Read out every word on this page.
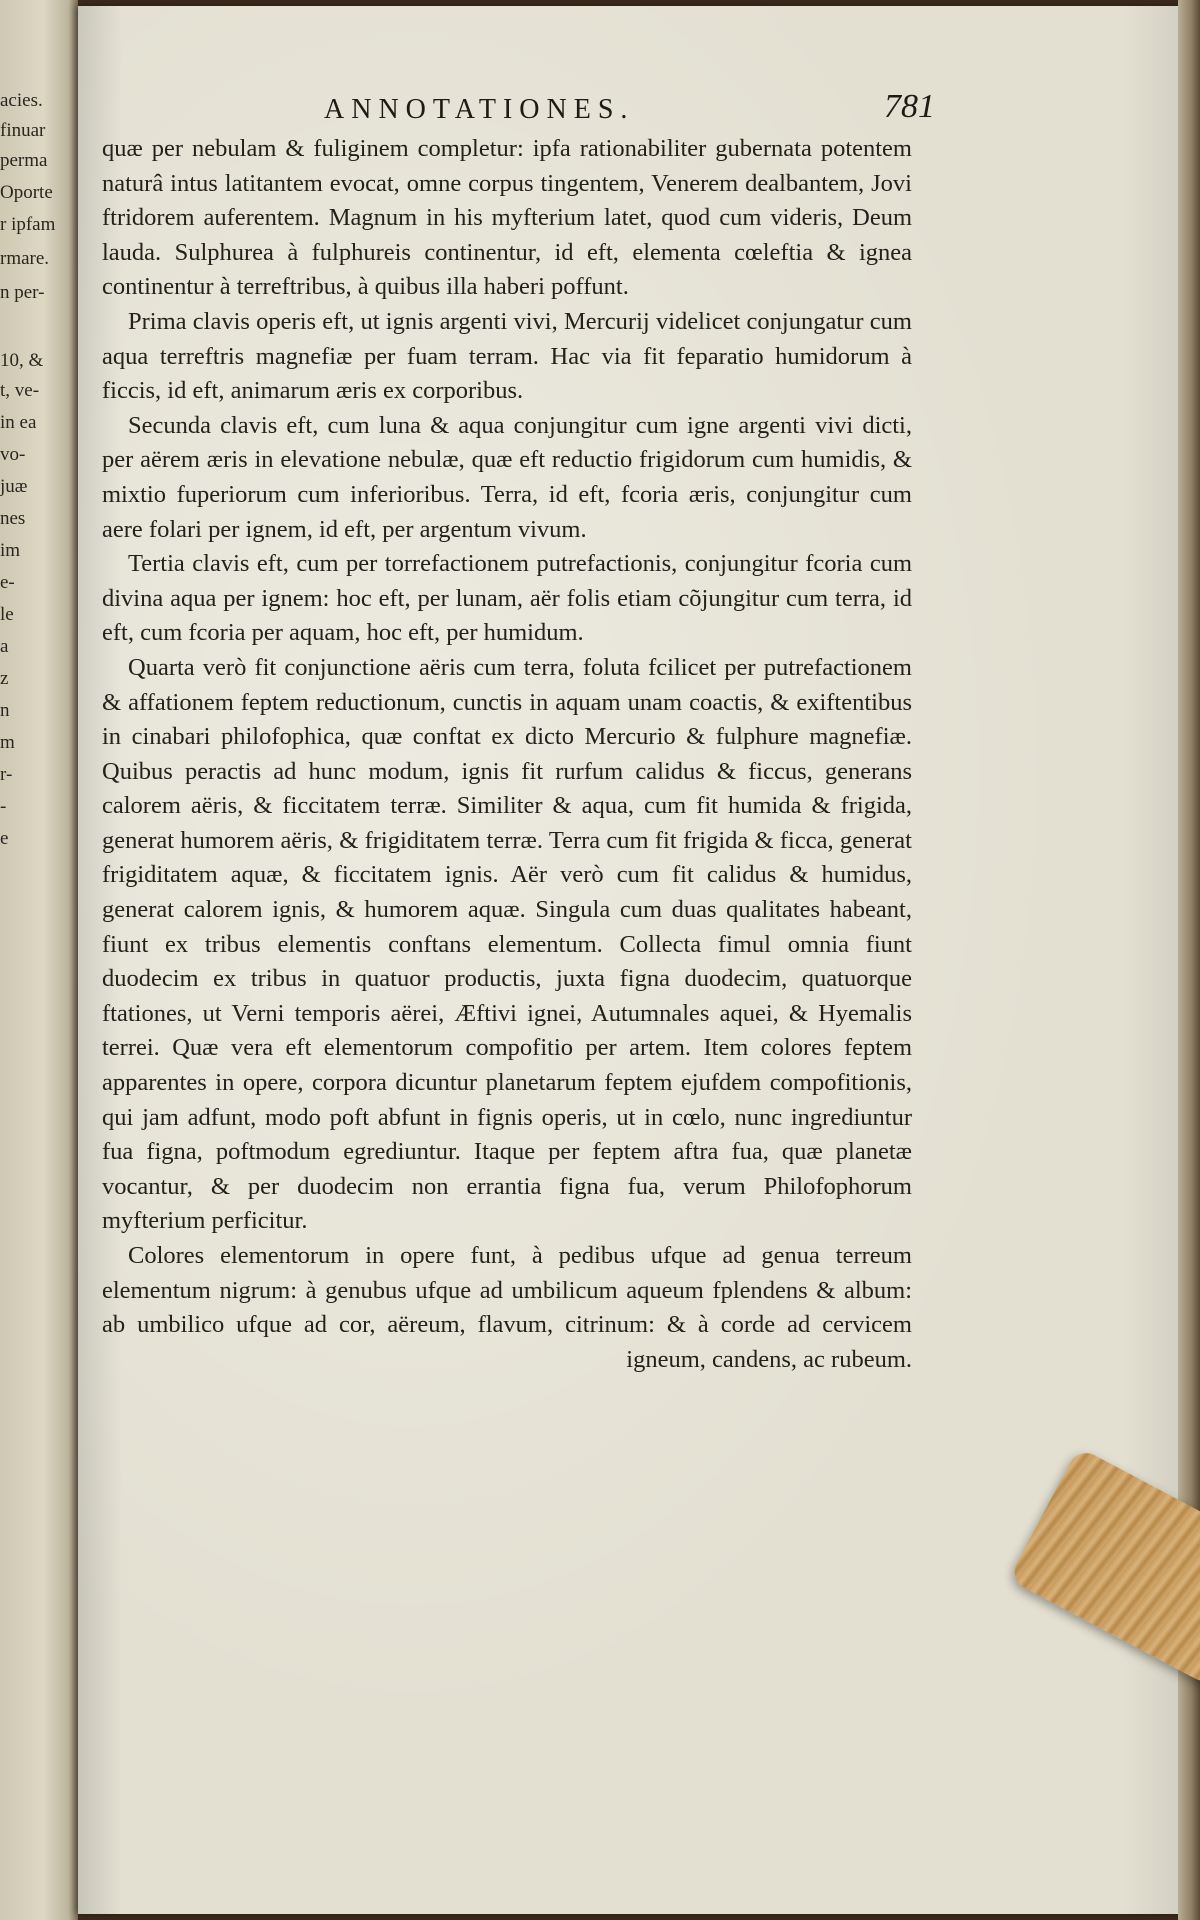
acies.
finuar
perma
Oporte
r ipfam
rmare.
n per-
10, &
t, ve-
in ea
vo-
juæ
nes
im
e-
le
a
z
n
m
r-
-
e
ANNOTATIONES.	781

quæ per nebulam & fuliginem completur: ipfa rationabiliter gubernata potentem naturâ intus latitantem evocat, omne corpus tingentem, Venerem dealbantem, Jovi ftridorem auferentem. Magnum in his myfterium latet, quod cum videris, Deum lauda. Sulphurea à fulphureis continentur, id eft, elementa cœleftia & ignea continentur à terreftribus, à quibus illa haberi poffunt.

Prima clavis operis eft, ut ignis argenti vivi, Mercurij videlicet conjungatur cum aqua terreftris magnefiæ per fuam terram. Hac via fit feparatio humidorum à ficcis, id eft, animarum æris ex corporibus.

Secunda clavis eft, cum luna & aqua conjungitur cum igne argenti vivi dicti, per aërem æris in elevatione nebulæ, quæ eft reductio frigidorum cum humidis, & mixtio fuperiorum cum inferioribus. Terra, id eft, fcoria æris, conjungitur cum aere folari per ignem, id eft, per argentum vivum.

Tertia clavis eft, cum per torrefactionem putrefactionis, conjungitur fcoria cum divina aqua per ignem: hoc eft, per lunam, aër folis etiam cõjungitur cum terra, id eft, cum fcoria per aquam, hoc eft, per humidum.

Quarta verò fit conjunctione aëris cum terra, foluta fcilicet per putrefactionem & affationem feptem reductionum, cunctis in aquam unam coactis, & exiftentibus in cinabari philofophica, quæ conftat ex dicto Mercurio & fulphure magnefiæ. Quibus peractis ad hunc modum, ignis fit rurfum calidus & ficcus, generans calorem aëris, & ficcitatem terræ. Similiter & aqua, cum fit humida & frigida, generat humorem aëris, & frigiditatem terræ. Terra cum fit frigida & ficca, generat frigiditatem aquæ, & ficcitatem ignis. Aër verò cum fit calidus & humidus, generat calorem ignis, & humorem aquæ. Singula cum duas qualitates habeant, fiunt ex tribus elementis conftans elementum. Collecta fimul omnia fiunt duodecim ex tribus in quatuor productis, juxta figna duodecim, quatuorque ftationes, ut Verni temporis aërei, Æftivi ignei, Autumnales aquei, & Hyemalis terrei. Quæ vera eft elementorum compofitio per artem. Item colores feptem apparentes in opere, corpora dicuntur planetarum feptem ejufdem compofitionis, qui jam adfunt, modo poft abfunt in fignis operis, ut in cœlo, nunc ingrediuntur fua figna, poftmodum egrediuntur. Itaque per feptem aftra fua, quæ planetæ vocantur, & per duodecim non errantia figna fua, verum Philofophorum myfterium perficitur.

Colores elementorum in opere funt, à pedibus ufque ad genua terreum elementum nigrum: à genubus ufque ad umbilicum aqueum fplendens & album: ab umbilico ufque ad cor, aëreum, flavum, citrinum: & à corde ad cervicem igneum, candens, ac rubeum.
